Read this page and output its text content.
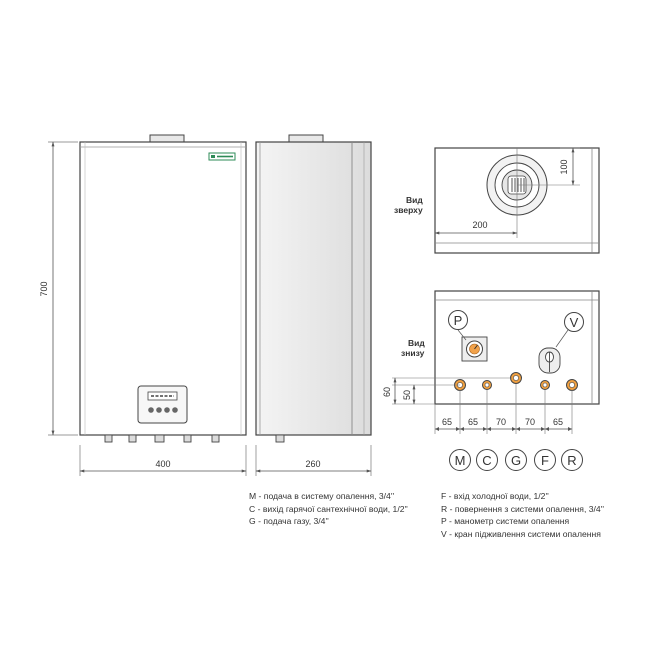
700
400	260
100
200
Вид
зверху
P	V
60 50
65 65 70 70 65
Вид
знизу
M C G F R
M - подача в систему опалення, 3/4''
C - вихід гарячої сантехнічної води, 1/2''
G - подача газу, 3/4''
F - вхід холодної води, 1/2''
R - повернення з системи опалення, 3/4''
P - манометр системи опалення
V - кран підживлення системи опалення
